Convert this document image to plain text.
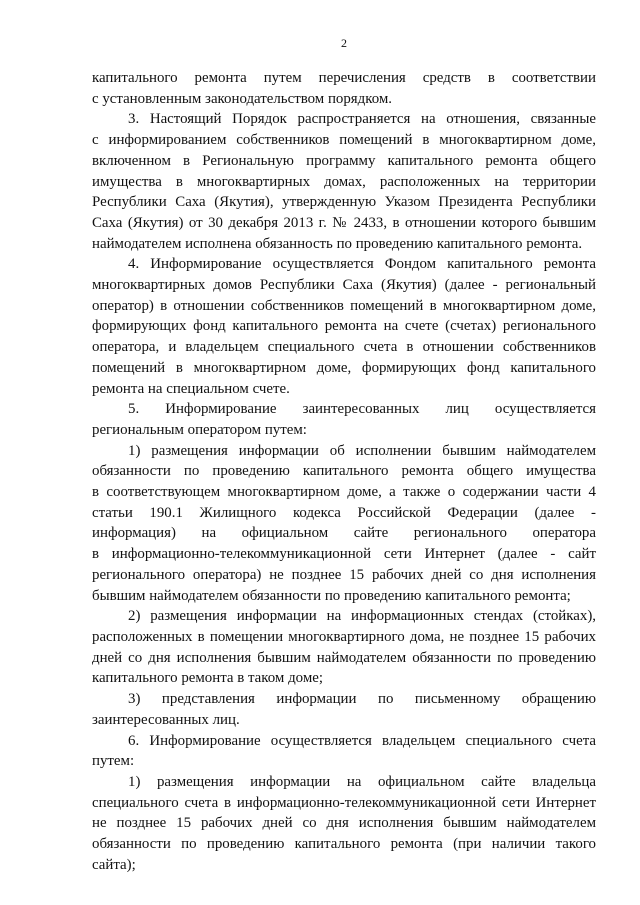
2
капитального ремонта путем перечисления средств в соответствии
с установленным законодательством порядком.
3. Настоящий Порядок распространяется на отношения, связанные
с информированием собственников помещений в многоквартирном доме,
включенном в Региональную программу капитального ремонта общего
имущества в многоквартирных домах, расположенных на территории
Республики Саха (Якутия), утвержденную Указом Президента Республики
Саха (Якутия) от 30 декабря 2013 г. № 2433, в отношении которого бывшим
наймодателем исполнена обязанность по проведению капитального ремонта.
4. Информирование осуществляется Фондом капитального ремонта
многоквартирных домов Республики Саха (Якутия) (далее - региональный
оператор) в отношении собственников помещений в многоквартирном доме,
формирующих фонд капитального ремонта на счете (счетах) регионального
оператора, и владельцем специального счета в отношении собственников
помещений в многоквартирном доме, формирующих фонд капитального
ремонта на специальном счете.
5. Информирование заинтересованных лиц осуществляется
региональным оператором путем:
1) размещения информации об исполнении бывшим наймодателем
обязанности по проведению капитального ремонта общего имущества
в соответствующем многоквартирном доме, а также о содержании части 4
статьи 190.1 Жилищного кодекса Российской Федерации (далее -
информация) на официальном сайте регионального оператора
в информационно-телекоммуникационной сети Интернет (далее - сайт
регионального оператора) не позднее 15 рабочих дней со дня исполнения
бывшим наймодателем обязанности по проведению капитального ремонта;
2) размещения информации на информационных стендах (стойках),
расположенных в помещении многоквартирного дома, не позднее 15 рабочих
дней со дня исполнения бывшим наймодателем обязанности по проведению
капитального ремонта в таком доме;
3) представления информации по письменному обращению
заинтересованных лиц.
6. Информирование осуществляется владельцем специального счета
путем:
1) размещения информации на официальном сайте владельца
специального счета в информационно-телекоммуникационной сети Интернет
не позднее 15 рабочих дней со дня исполнения бывшим наймодателем
обязанности по проведению капитального ремонта (при наличии такого
сайта);
